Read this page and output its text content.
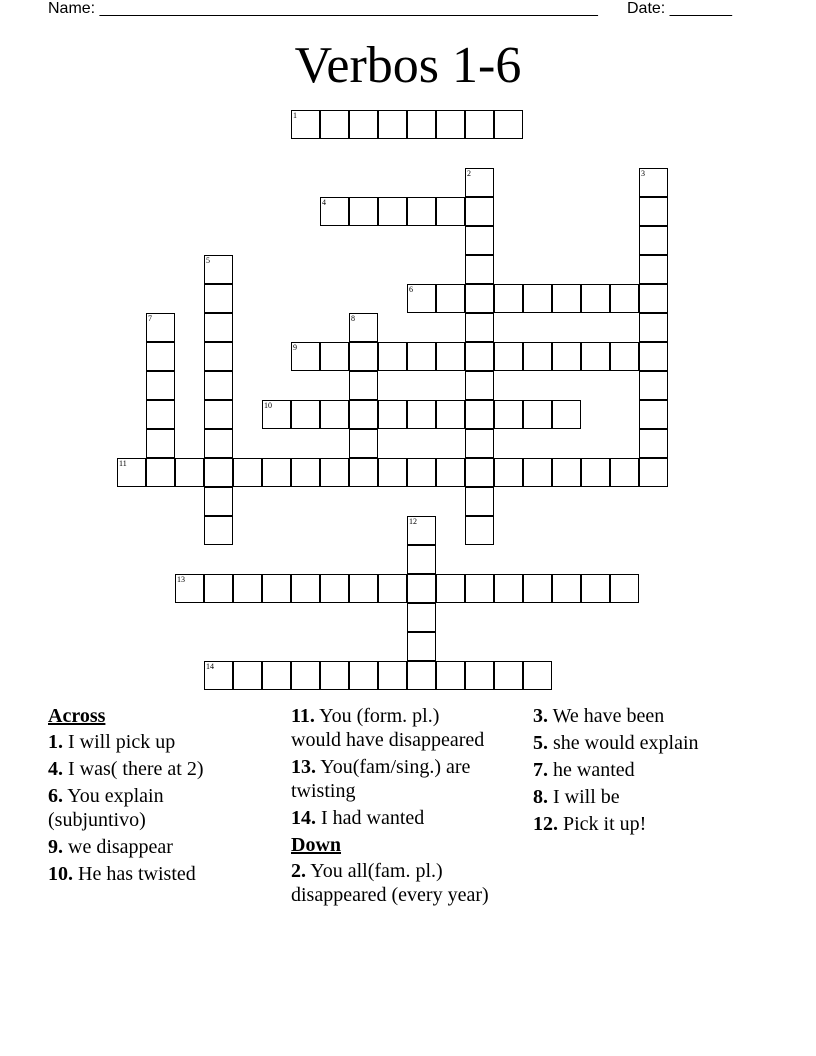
Name: ________________________________________________________ Date: _______
Verbos 1-6
1
2	3
4
5
6
7	8
9
10
11
12
13
14
Across
1. I will pick up
4. I was( there at 2)
6. You explain (subjuntivo)
9. we disappear
10. He has twisted
11. You (form. pl.) would have disappeared
13. You(fam/sing.) are twisting
14. I had wanted
Down
2. You all(fam. pl.) disappeared (every year)
3. We have been
5. she would explain
7. he wanted
8. I will be
12. Pick it up!
